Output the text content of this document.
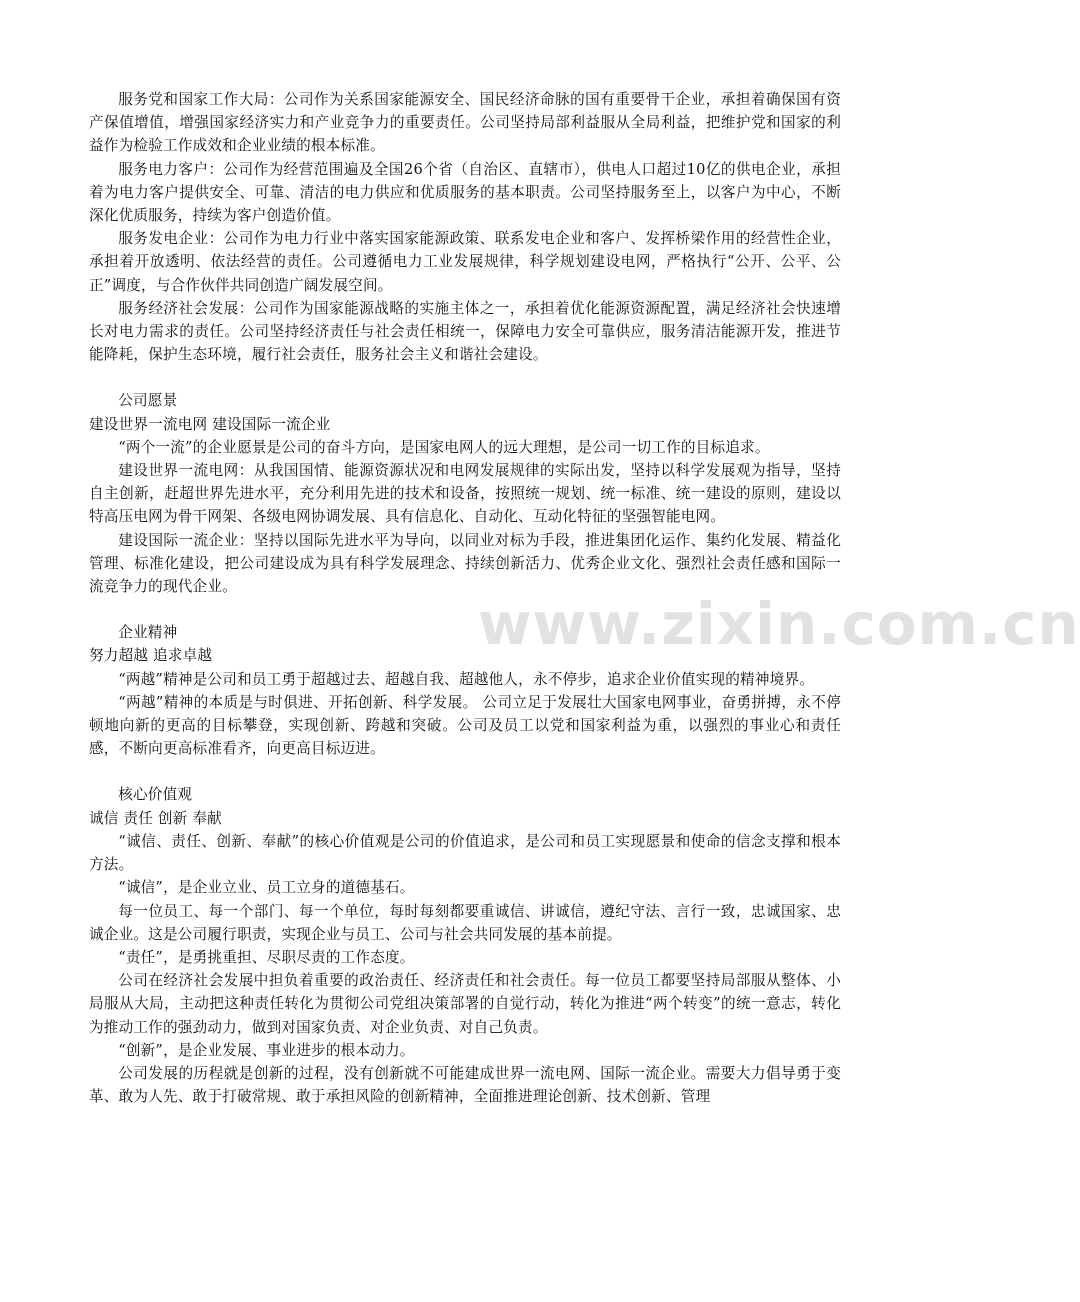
服务党和国家工作大局：公司作为关系国家能源安全、国民经济命脉的国有重要骨干企业，承担着确保国有资产保值增值，增强国家经济实力和产业竞争力的重要责任。公司坚持局部利益服从全局利益，把维护党和国家的利益作为检验工作成效和企业业绩的根本标准。

服务电力客户：公司作为经营范围遍及全国26个省（自治区、直辖市），供电人口超过10亿的供电企业，承担着为电力客户提供安全、可靠、清洁的电力供应和优质服务的基本职责。公司坚持服务至上，以客户为中心，不断深化优质服务，持续为客户创造价值。

服务发电企业：公司作为电力行业中落实国家能源政策、联系发电企业和客户、发挥桥梁作用的经营性企业，承担着开放透明、依法经营的责任。公司遵循电力工业发展规律，科学规划建设电网，严格执行“公开、公平、公正”调度，与合作伙伴共同创造广阔发展空间。

服务经济社会发展：公司作为国家能源战略的实施主体之一，承担着优化能源资源配置，满足经济社会快速增长对电力需求的责任。公司坚持经济责任与社会责任相统一，保障电力安全可靠供应，服务清洁能源开发，推进节能降耗，保护生态环境，履行社会责任，服务社会主义和谐社会建设。

公司愿景

建设世界一流电网 建设国际一流企业

“两个一流”的企业愿景是公司的奋斗方向，是国家电网人的远大理想，是公司一切工作的目标追求。

建设世界一流电网：从我国国情、能源资源状况和电网发展规律的实际出发，坚持以科学发展观为指导，坚持自主创新，赶超世界先进水平，充分利用先进的技术和设备，按照统一规划、统一标准、统一建设的原则，建设以特高压电网为骨干网架、各级电网协调发展、具有信息化、自动化、互动化特征的坚强智能电网。

建设国际一流企业：坚持以国际先进水平为导向，以同业对标为手段，推进集团化运作、集约化发展、精益化管理、标准化建设，把公司建设成为具有科学发展理念、持续创新活力、优秀企业文化、强烈社会责任感和国际一流竞争力的现代企业。

企业精神

努力超越 追求卓越

“两越”精神是公司和员工勇于超越过去、超越自我、超越他人，永不停步，追求企业价值实现的精神境界。

“两越”精神的本质是与时俱进、开拓创新、科学发展。 公司立足于发展壮大国家电网事业，奋勇拼搏，永不停顿地向新的更高的目标攀登，实现创新、跨越和突破。公司及员工以党和国家利益为重，以强烈的事业心和责任感，不断向更高标准看齐，向更高目标迈进。

核心价值观

诚信 责任 创新 奉献

“诚信、责任、创新、奉献”的核心价值观是公司的价值追求，是公司和员工实现愿景和使命的信念支撑和根本方法。

“诚信”，是企业立业、员工立身的道德基石。

每一位员工、每一个部门、每一个单位，每时每刻都要重诚信、讲诚信，遵纪守法、言行一致，忠诚国家、忠诚企业。这是公司履行职责，实现企业与员工、公司与社会共同发展的基本前提。

“责任”，是勇挑重担、尽职尽责的工作态度。

公司在经济社会发展中担负着重要的政治责任、经济责任和社会责任。每一位员工都要坚持局部服从整体、小局服从大局，主动把这种责任转化为贯彻公司党组决策部署的自觉行动，转化为推进“两个转变”的统一意志，转化为推动工作的强劲动力，做到对国家负责、对企业负责、对自己负责。

“创新”，是企业发展、事业进步的根本动力。

公司发展的历程就是创新的过程，没有创新就不可能建成世界一流电网、国际一流企业。需要大力倡导勇于变革、敢为人先、敢于打破常规、敢于承担风险的创新精神，全面推进理论创新、技术创新、管理

www.zixin.com.cn
